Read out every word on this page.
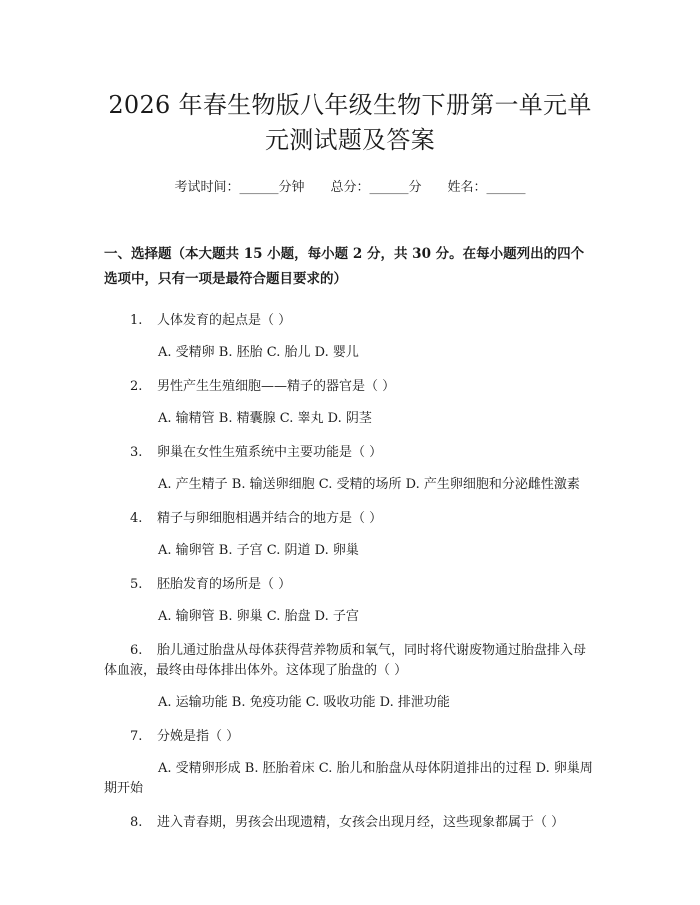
2026 年春生物版八年级生物下册第一单元单
元测试题及答案
考试时间：______分钟 总分：______分 姓名：______
一、选择题（本大题共 15 小题，每小题 2 分，共 30 分。在每小题列出的四个选项中，只有一项是最符合题目要求的）
1. 人体发育的起点是（ ）
A. 受精卵 B. 胚胎 C. 胎儿 D. 婴儿
2. 男性产生生殖细胞——精子的器官是（ ）
A. 输精管 B. 精囊腺 C. 睾丸 D. 阴茎
3. 卵巢在女性生殖系统中主要功能是（ ）
A. 产生精子 B. 输送卵细胞 C. 受精的场所 D. 产生卵细胞和分泌雌性激素
4. 精子与卵细胞相遇并结合的地方是（ ）
A. 输卵管 B. 子宫 C. 阴道 D. 卵巢
5. 胚胎发育的场所是（ ）
A. 输卵管 B. 卵巢 C. 胎盘 D. 子宫
6. 胎儿通过胎盘从母体获得营养物质和氧气，同时将代谢废物通过胎盘排入母体血液，最终由母体排出体外。这体现了胎盘的（ ）
A. 运输功能 B. 免疫功能 C. 吸收功能 D. 排泄功能
7. 分娩是指（ ）
A. 受精卵形成 B. 胚胎着床 C. 胎儿和胎盘从母体阴道排出的过程 D. 卵巢周期开始
8. 进入青春期，男孩会出现遗精，女孩会出现月经，这些现象都属于（ ）
